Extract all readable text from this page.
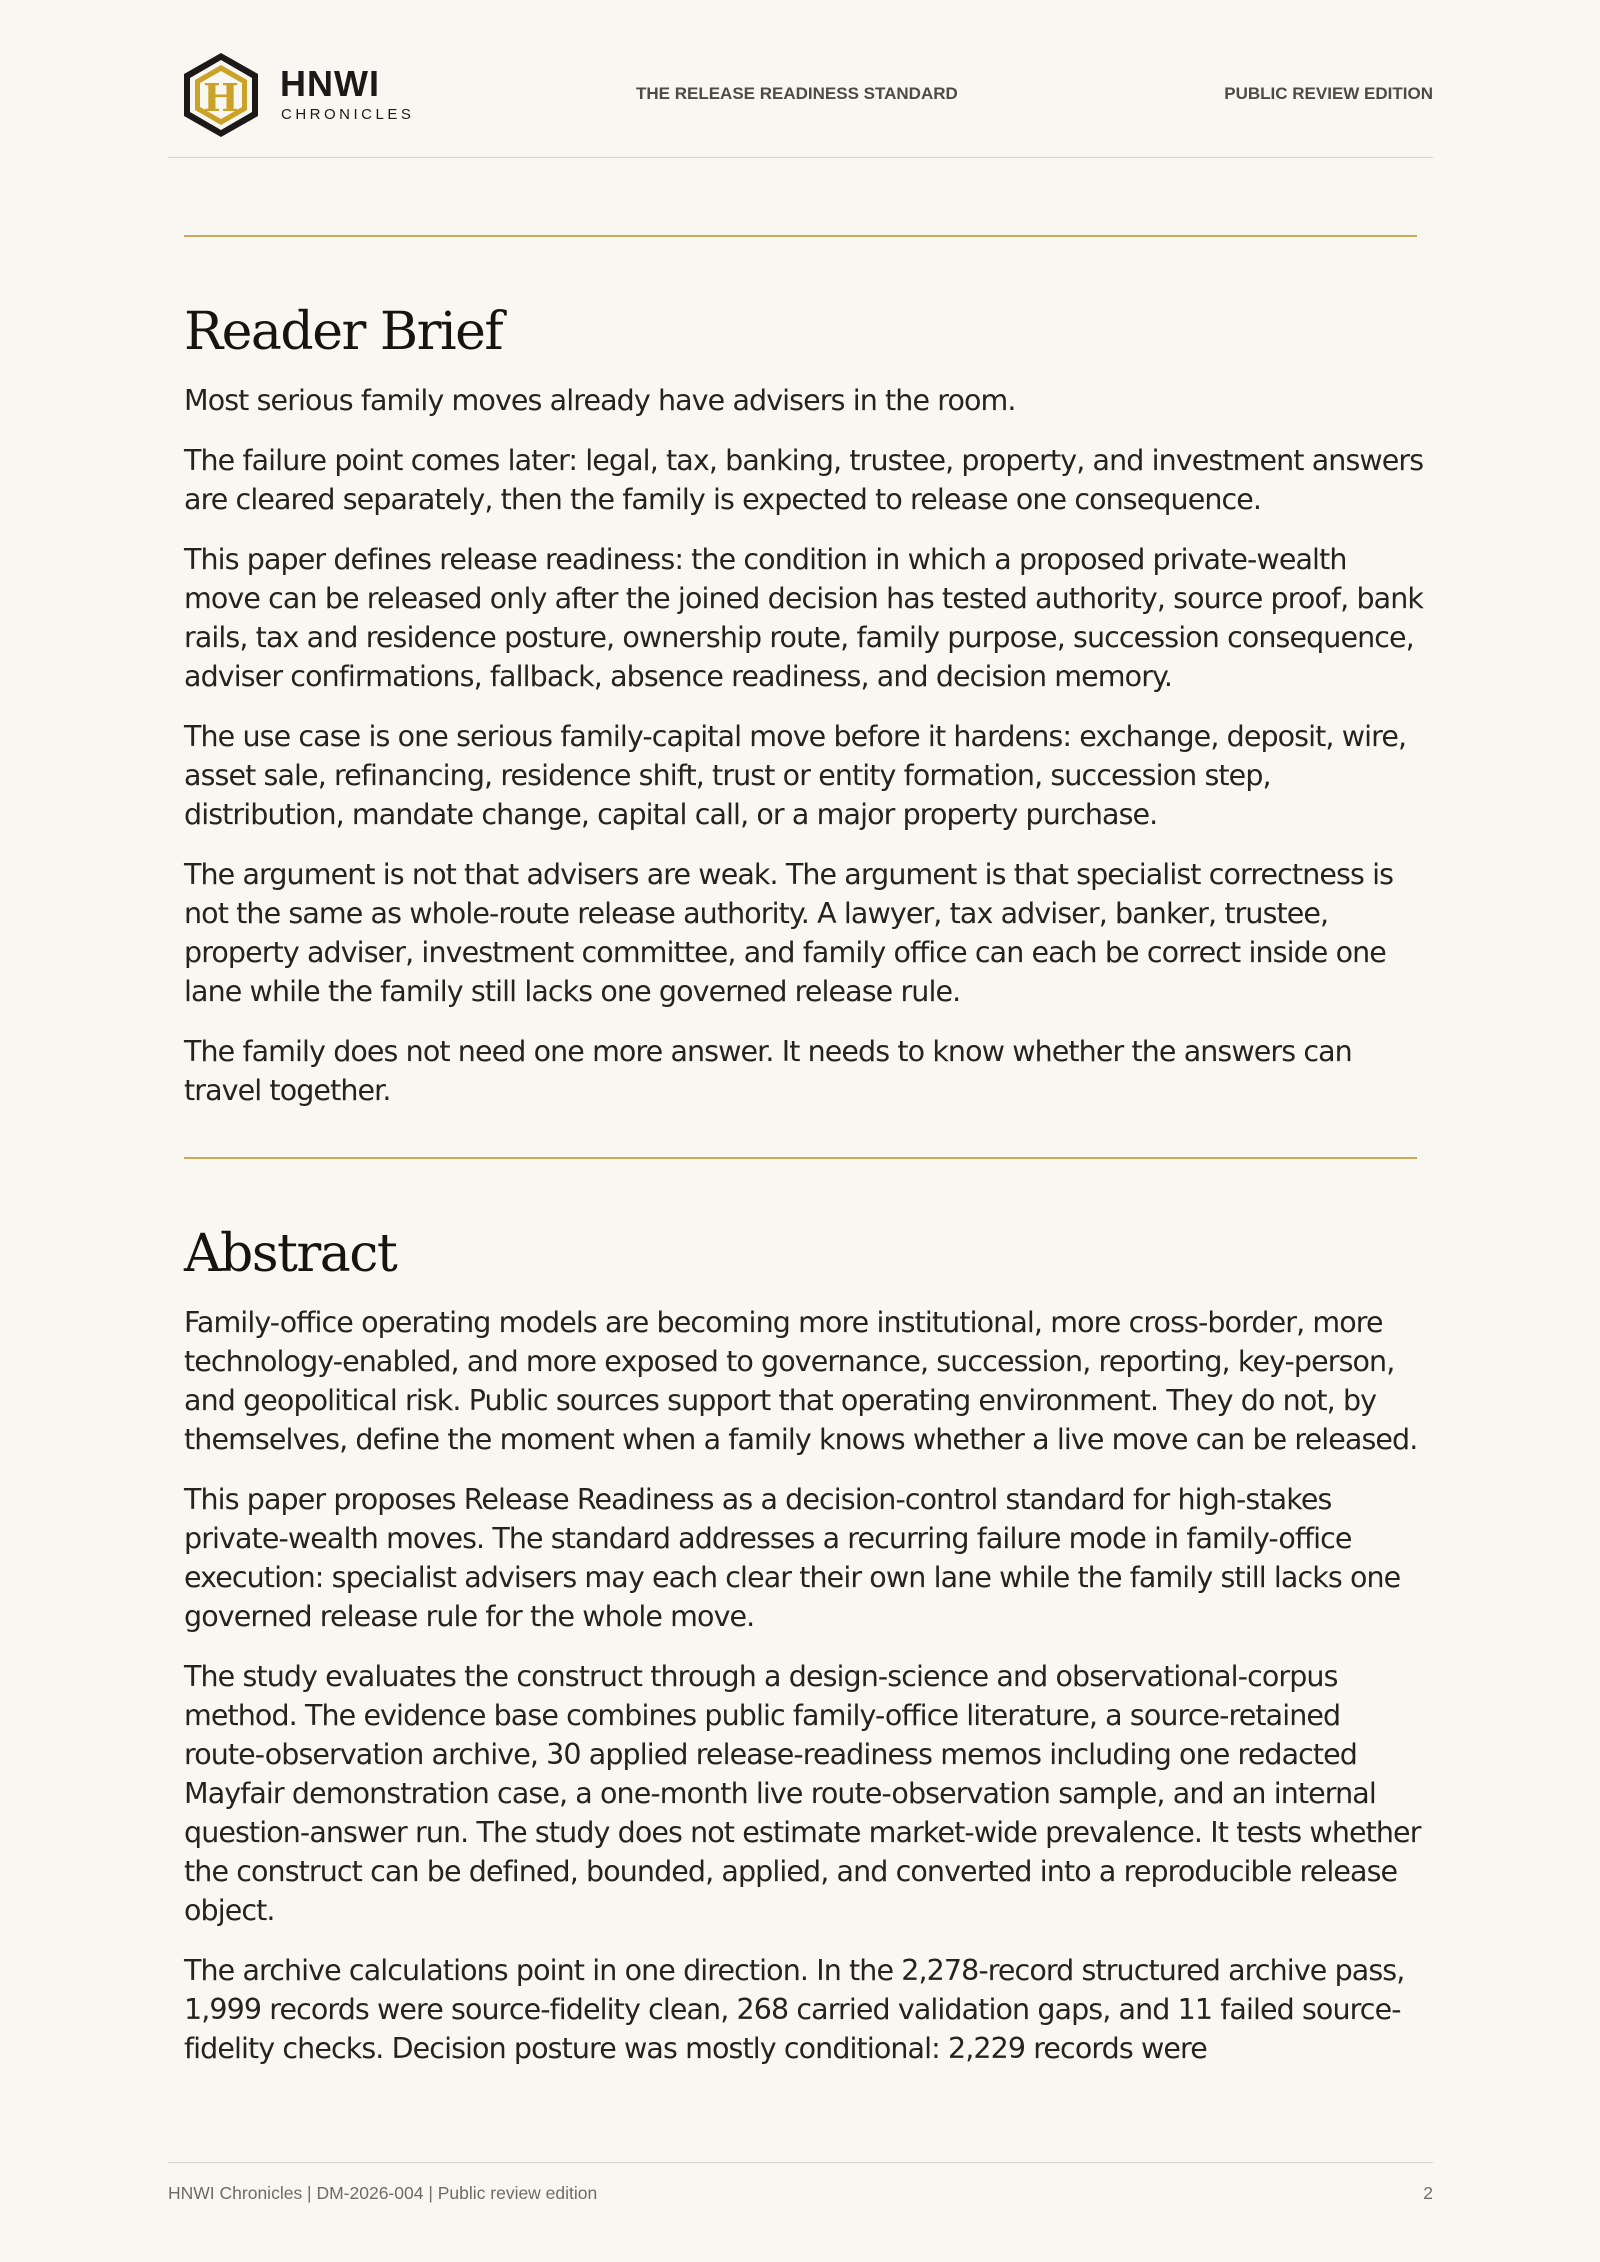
H HNWI
CHRONICLES
THE RELEASE READINESS STANDARD	PUBLIC REVIEW EDITION
Reader Brief

Most serious family moves already have advisers in the room.

The failure point comes later: legal, tax, banking, trustee, property, and investment answers are cleared separately, then the family is expected to release one consequence.

This paper defines release readiness: the condition in which a proposed private-wealth move can be released only after the joined decision has tested authority, source proof, bank rails, tax and residence posture, ownership route, family purpose, succession consequence, adviser confirmations, fallback, absence readiness, and decision memory.

The use case is one serious family-capital move before it hardens: exchange, deposit, wire, asset sale, refinancing, residence shift, trust or entity formation, succession step, distribution, mandate change, capital call, or a major property purchase.

The argument is not that advisers are weak. The argument is that specialist correctness is not the same as whole-route release authority. A lawyer, tax adviser, banker, trustee, property adviser, investment committee, and family office can each be correct inside one lane while the family still lacks one governed release rule.

The family does not need one more answer. It needs to know whether the answers can travel together.

Abstract

Family-office operating models are becoming more institutional, more cross-border, more technology-enabled, and more exposed to governance, succession, reporting, key-person, and geopolitical risk. Public sources support that operating environment. They do not, by themselves, define the moment when a family knows whether a live move can be released.

This paper proposes Release Readiness as a decision-control standard for high-stakes private-wealth moves. The standard addresses a recurring failure mode in family-office execution: specialist advisers may each clear their own lane while the family still lacks one governed release rule for the whole move.

The study evaluates the construct through a design-science and observational-corpus method. The evidence base combines public family-office literature, a source-retained route-observation archive, 30 applied release-readiness memos including one redacted Mayfair demonstration case, a one-month live route-observation sample, and an internal question-answer run. The study does not estimate market-wide prevalence. It tests whether the construct can be defined, bounded, applied, and converted into a reproducible release object.

The archive calculations point in one direction. In the 2,278-record structured archive pass, 1,999 records were source-fidelity clean, 268 carried validation gaps, and 11 failed source-fidelity checks. Decision posture was mostly conditional: 2,229 records were

HNWI Chronicles | DM-2026-004 | Public review edition	2
